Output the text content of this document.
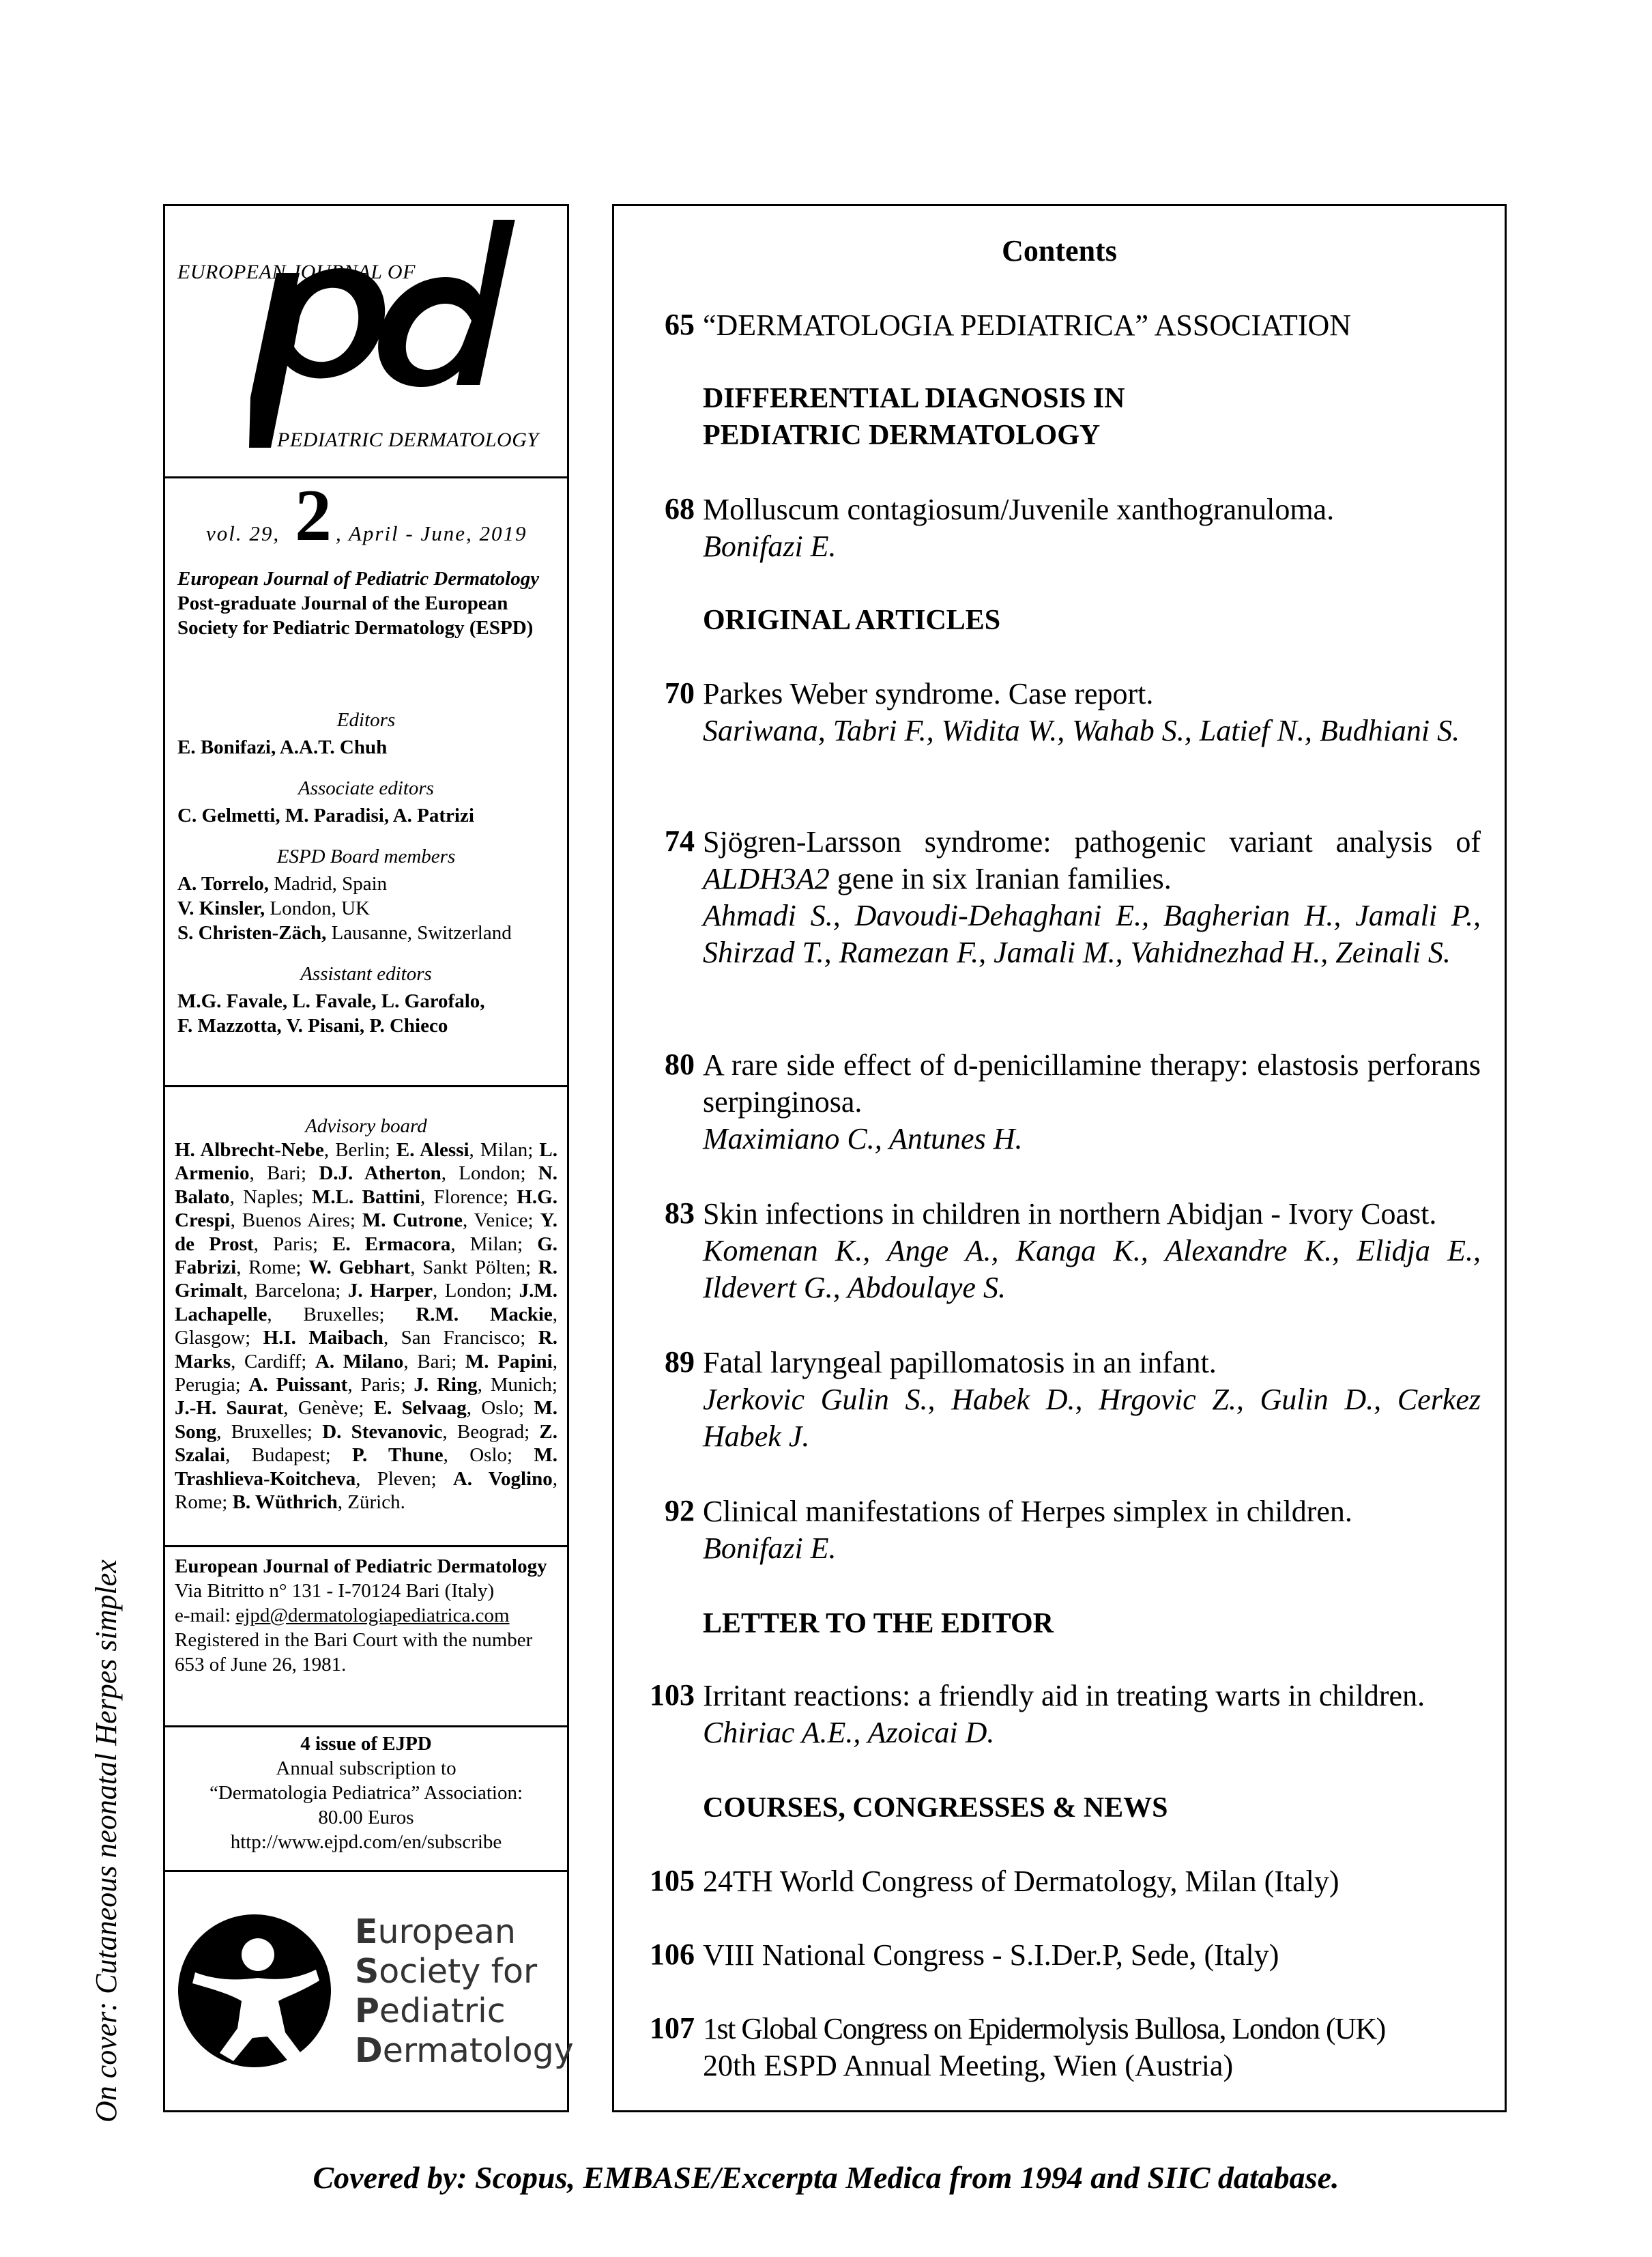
EUROPEAN JOURNAL OF
PEDIATRIC DERMATOLOGY
vol. 29, 2 , April - June, 2019
European Journal of Pediatric Dermatology Post-graduate Journal of the European Society for Pediatric Dermatology (ESPD)
Editors
E. Bonifazi, A.A.T. Chuh
Associate editors
C. Gelmetti, M. Paradisi, A. Patrizi
ESPD Board members
A. Torrelo, Madrid, Spain
V. Kinsler, London, UK
S. Christen-Zäch, Lausanne, Switzerland
Assistant editors
M.G. Favale, L. Favale, L. Garofalo,
F. Mazzotta, V. Pisani, P. Chieco
Advisory board
H. Albrecht-Nebe, Berlin; E. Alessi, Milan; L. Armenio, Bari; D.J. Atherton, London; N. Balato, Naples; M.L. Battini, Florence; H.G. Crespi, Buenos Aires; M. Cutrone, Venice; Y. de Prost, Paris; E. Ermacora, Milan; G. Fabrizi, Rome; W. Gebhart, Sankt Pölten; R. Grimalt, Barcelona; J. Harper, London; J.M. Lachapelle, Bruxelles; R.M. Mackie, Glasgow; H.I. Maibach, San Francisco; R. Marks, Cardiff; A. Milano, Bari; M. Papini, Perugia; A. Puissant, Paris; J. Ring, Munich; J.-H. Saurat, Genève; E. Selvaag, Oslo; M. Song, Bruxelles; D. Stevanovic, Beograd; Z. Szalai, Budapest; P. Thune, Oslo; M. Trashlieva-Koitcheva, Pleven; A. Voglino, Rome; B. Wüthrich, Zürich.
European Journal of Pediatric Dermatology
Via Bitritto n° 131 - I-70124 Bari (Italy)
e-mail: ejpd@dermatologiapediatrica.com
Registered in the Bari Court with the number 653 of June 26, 1981.
4 issue of EJPD
Annual subscription to
“Dermatologia Pediatrica” Association:
80.00 Euros
http://www.ejpd.com/en/subscribe
European
Society for
Pediatric
Dermatology
On cover: Cutaneous neonatal Herpes simplex
Contents
65 “DERMATOLOGIA PEDIATRICA” ASSOCIATION
DIFFERENTIAL DIAGNOSIS IN
PEDIATRIC DERMATOLOGY
68 Molluscum contagiosum/Juvenile xanthogranuloma.
Bonifazi E.
ORIGINAL ARTICLES
70 Parkes Weber syndrome. Case report.
Sariwana, Tabri F., Widita W., Wahab S., Latief N., Budhiani S.
74 Sjögren-Larsson syndrome: pathogenic variant analysis of ALDH3A2 gene in six Iranian families.
Ahmadi S., Davoudi-Dehaghani E., Bagherian H., Jamali P., Shirzad T., Ramezan F., Jamali M., Vahidnezhad H., Zeinali S.
80 A rare side effect of d-penicillamine therapy: elastosis perforans serpinginosa.
Maximiano C., Antunes H.
83 Skin infections in children in northern Abidjan - Ivory Coast.
Komenan K., Ange A., Kanga K., Alexandre K., Elidja E., Ildevert G., Abdoulaye S.
89 Fatal laryngeal papillomatosis in an infant.
Jerkovic Gulin S., Habek D., Hrgovic Z., Gulin D., Cerkez Habek J.
92 Clinical manifestations of Herpes simplex in children.
Bonifazi E.
LETTER TO THE EDITOR
103 Irritant reactions: a friendly aid in treating warts in children.
Chiriac A.E., Azoicai D.
COURSES, CONGRESSES & NEWS
105 24TH World Congress of Dermatology, Milan (Italy)
106 VIII National Congress - S.I.Der.P, Sede, (Italy)
107 1st Global Congress on Epidermolysis Bullosa, London (UK)
20th ESPD Annual Meeting, Wien (Austria)
Covered by: Scopus, EMBASE/Excerpta Medica from 1994 and SIIC database.
